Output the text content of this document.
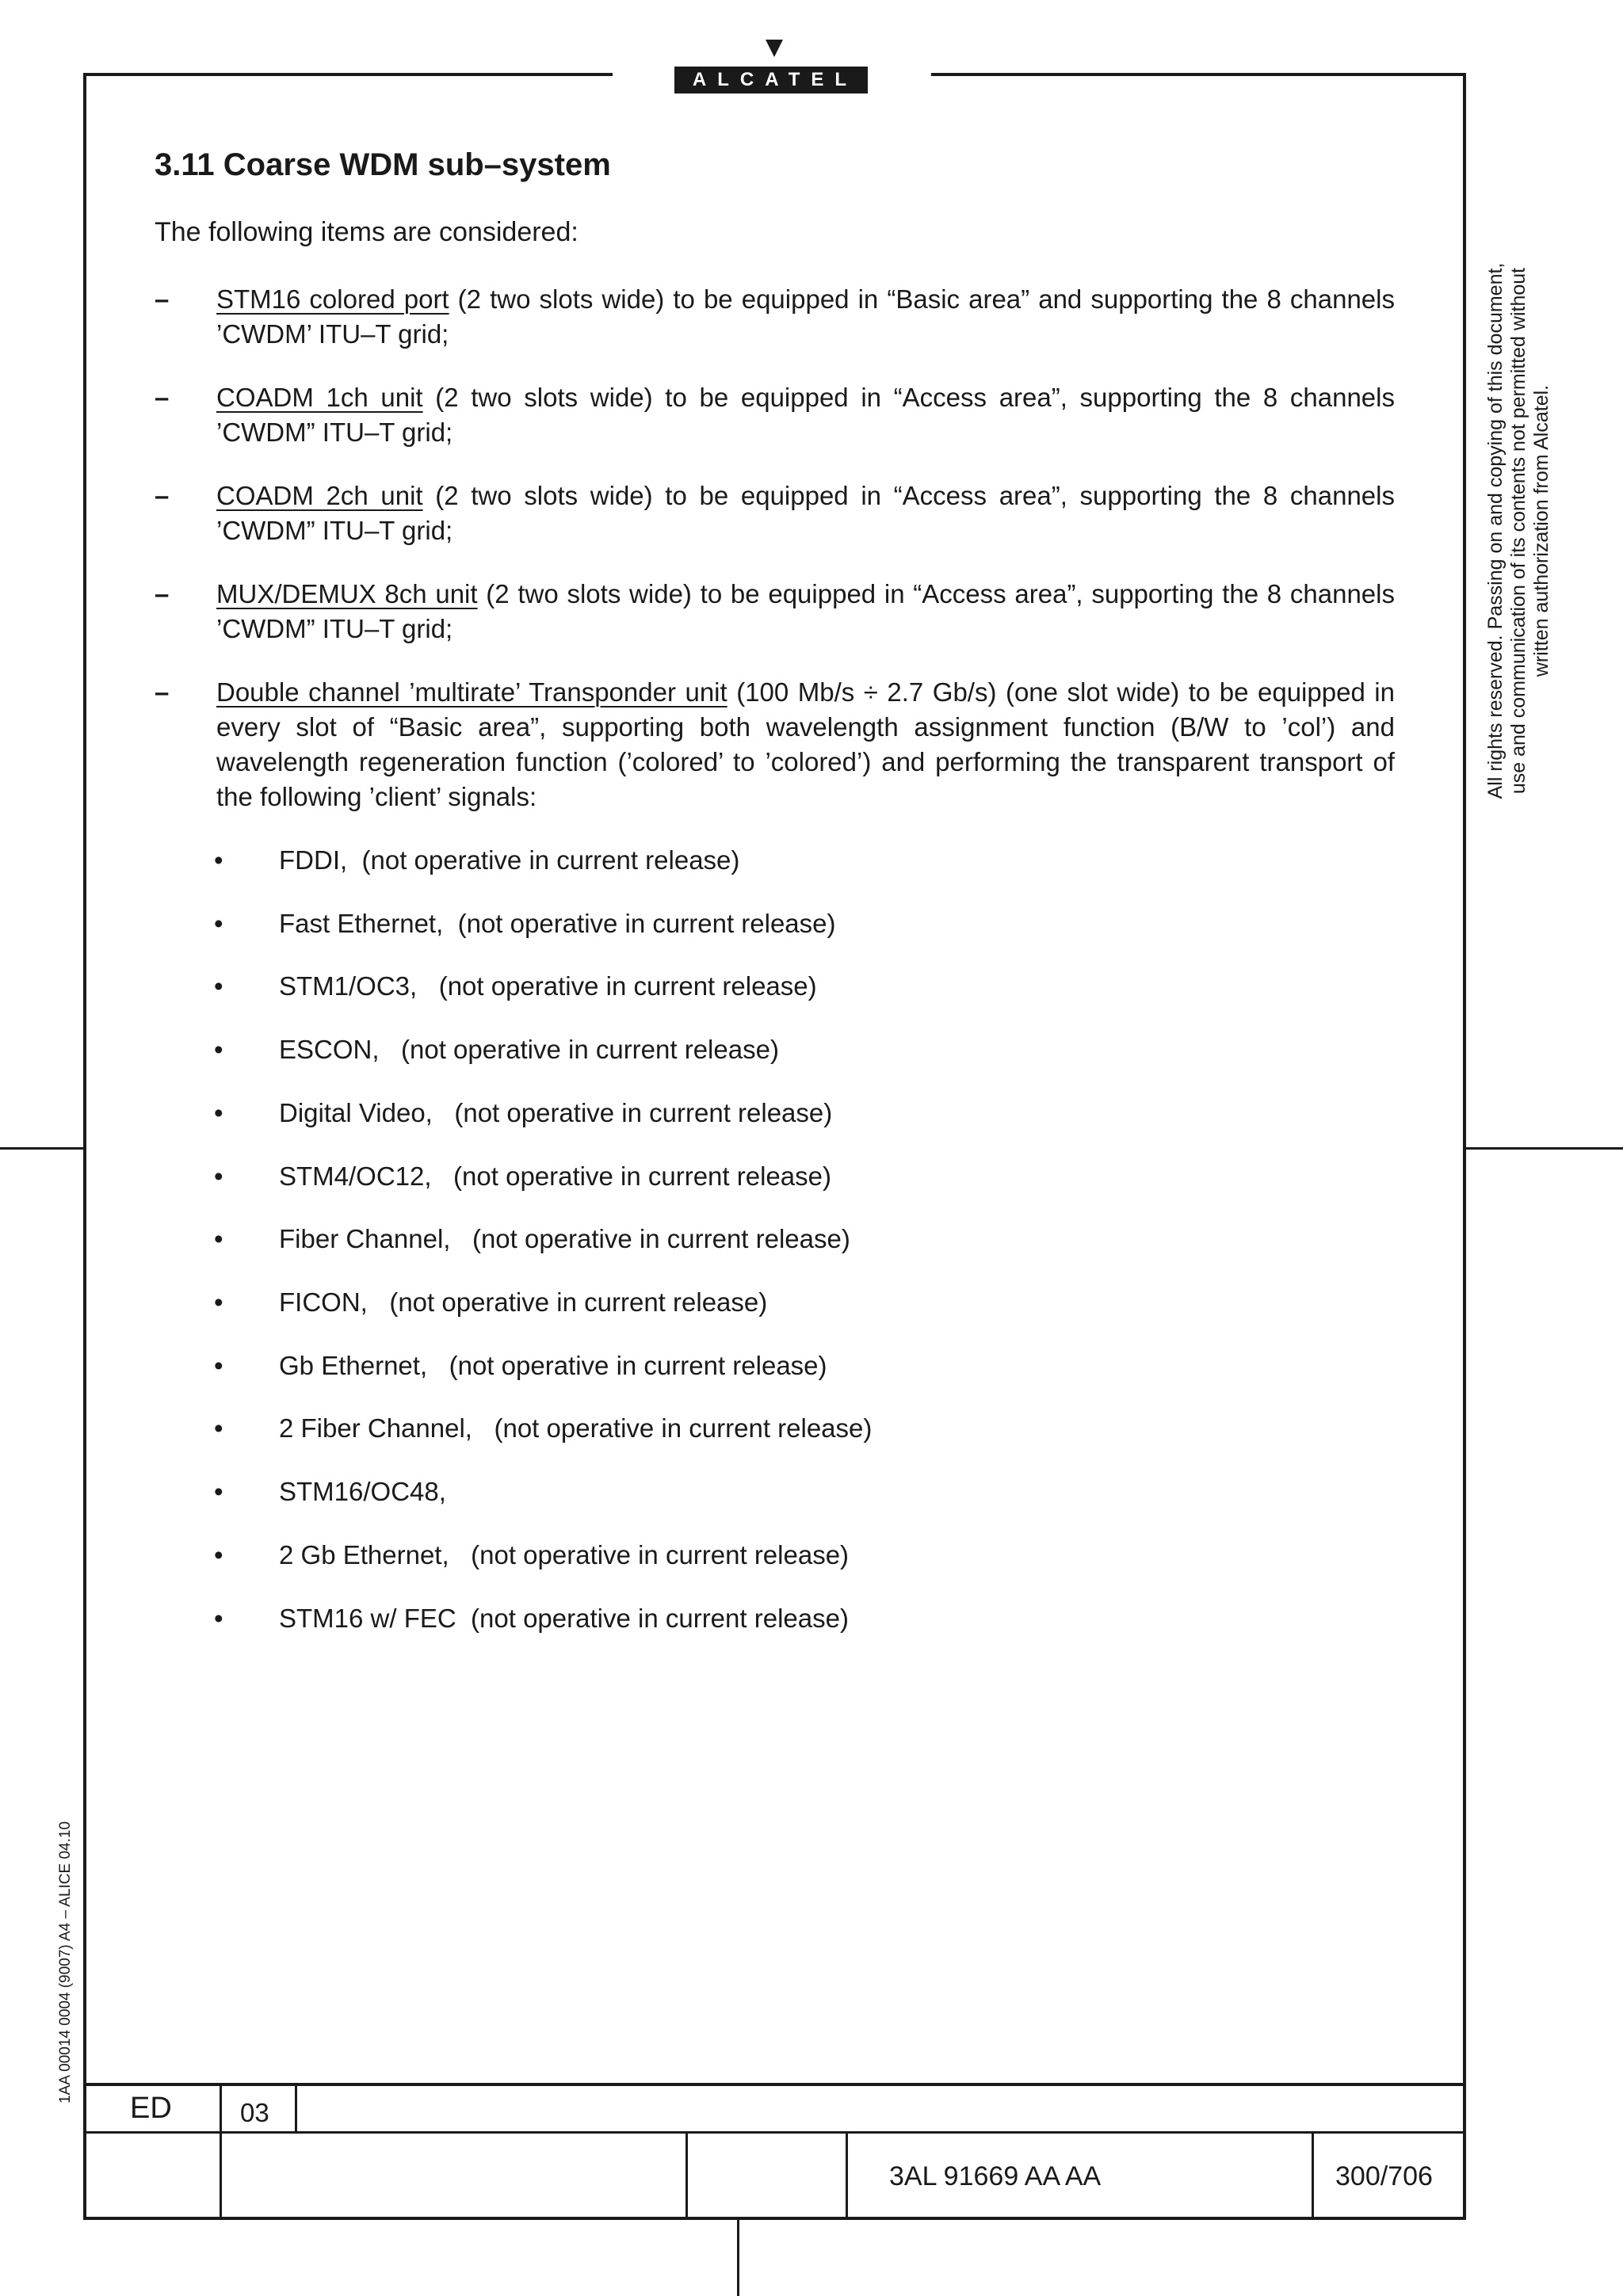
ALCATEL
3.11 Coarse WDM sub–system
The following items are considered:
– STM16 colored port (2 two slots wide) to be equipped in “Basic area” and supporting the 8 channels ’CWDM’ ITU–T grid;
– COADM 1ch unit (2 two slots wide) to be equipped in “Access area”, supporting the 8 channels ’CWDM” ITU–T grid;
– COADM 2ch unit (2 two slots wide) to be equipped in “Access area”, supporting the 8 channels ’CWDM” ITU–T grid;
– MUX/DEMUX 8ch unit (2 two slots wide) to be equipped in “Access area”, supporting the 8 channels ’CWDM” ITU–T grid;
– Double channel ’multirate’ Transponder unit (100 Mb/s ÷ 2.7 Gb/s) (one slot wide) to be equipped in every slot of “Basic area”, supporting both wavelength assignment function (B/W to ’col’) and wavelength regeneration function (’colored’ to ’colored’) and performing the transparent transport of the following ’client’ signals:
• FDDI,  (not operative in current release)
• Fast Ethernet,  (not operative in current release)
• STM1/OC3,   (not operative in current release)
• ESCON,   (not operative in current release)
• Digital Video,   (not operative in current release)
• STM4/OC12,   (not operative in current release)
• Fiber Channel,   (not operative in current release)
• FICON,   (not operative in current release)
• Gb Ethernet,   (not operative in current release)
• 2 Fiber Channel,   (not operative in current release)
• STM16/OC48,
• 2 Gb Ethernet,   (not operative in current release)
• STM16 w/ FEC  (not operative in current release)
All rights reserved. Passing on and copying of this document, use and communication of its contents not permitted without written authorization from Alcatel.
1AA 00014 0004 (9007) A4 – ALICE 04.10
ED	03
3AL 91669 AA AA	300/706
